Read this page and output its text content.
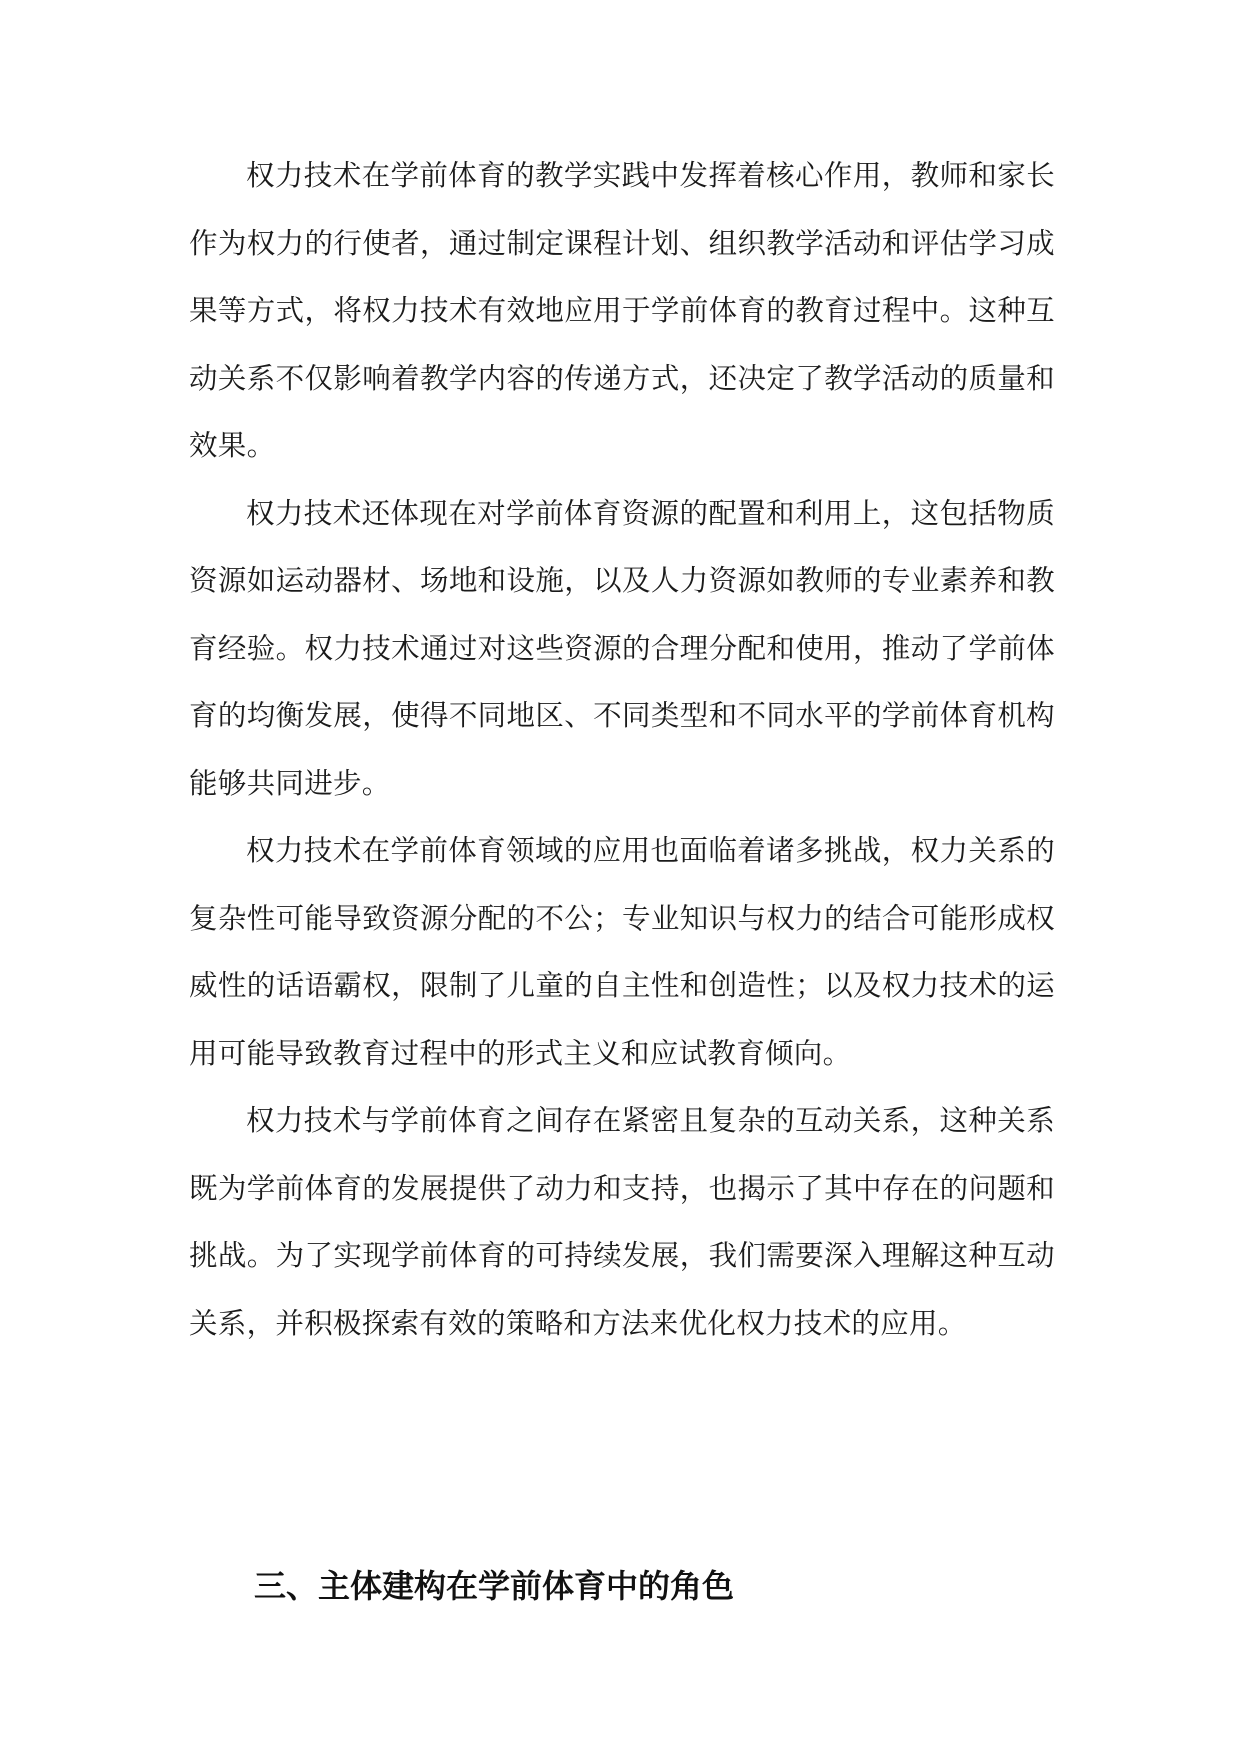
权力技术在学前体育的教学实践中发挥着核心作用，教师和家长作为权力的行使者，通过制定课程计划、组织教学活动和评估学习成果等方式，将权力技术有效地应用于学前体育的教育过程中。这种互动关系不仅影响着教学内容的传递方式，还决定了教学活动的质量和效果。

权力技术还体现在对学前体育资源的配置和利用上，这包括物质资源如运动器材、场地和设施，以及人力资源如教师的专业素养和教育经验。权力技术通过对这些资源的合理分配和使用，推动了学前体育的均衡发展，使得不同地区、不同类型和不同水平的学前体育机构能够共同进步。

权力技术在学前体育领域的应用也面临着诸多挑战，权力关系的复杂性可能导致资源分配的不公；专业知识与权力的结合可能形成权威性的话语霸权，限制了儿童的自主性和创造性；以及权力技术的运用可能导致教育过程中的形式主义和应试教育倾向。

权力技术与学前体育之间存在紧密且复杂的互动关系，这种关系既为学前体育的发展提供了动力和支持，也揭示了其中存在的问题和挑战。为了实现学前体育的可持续发展，我们需要深入理解这种互动关系，并积极探索有效的策略和方法来优化权力技术的应用。

三、主体建构在学前体育中的角色
